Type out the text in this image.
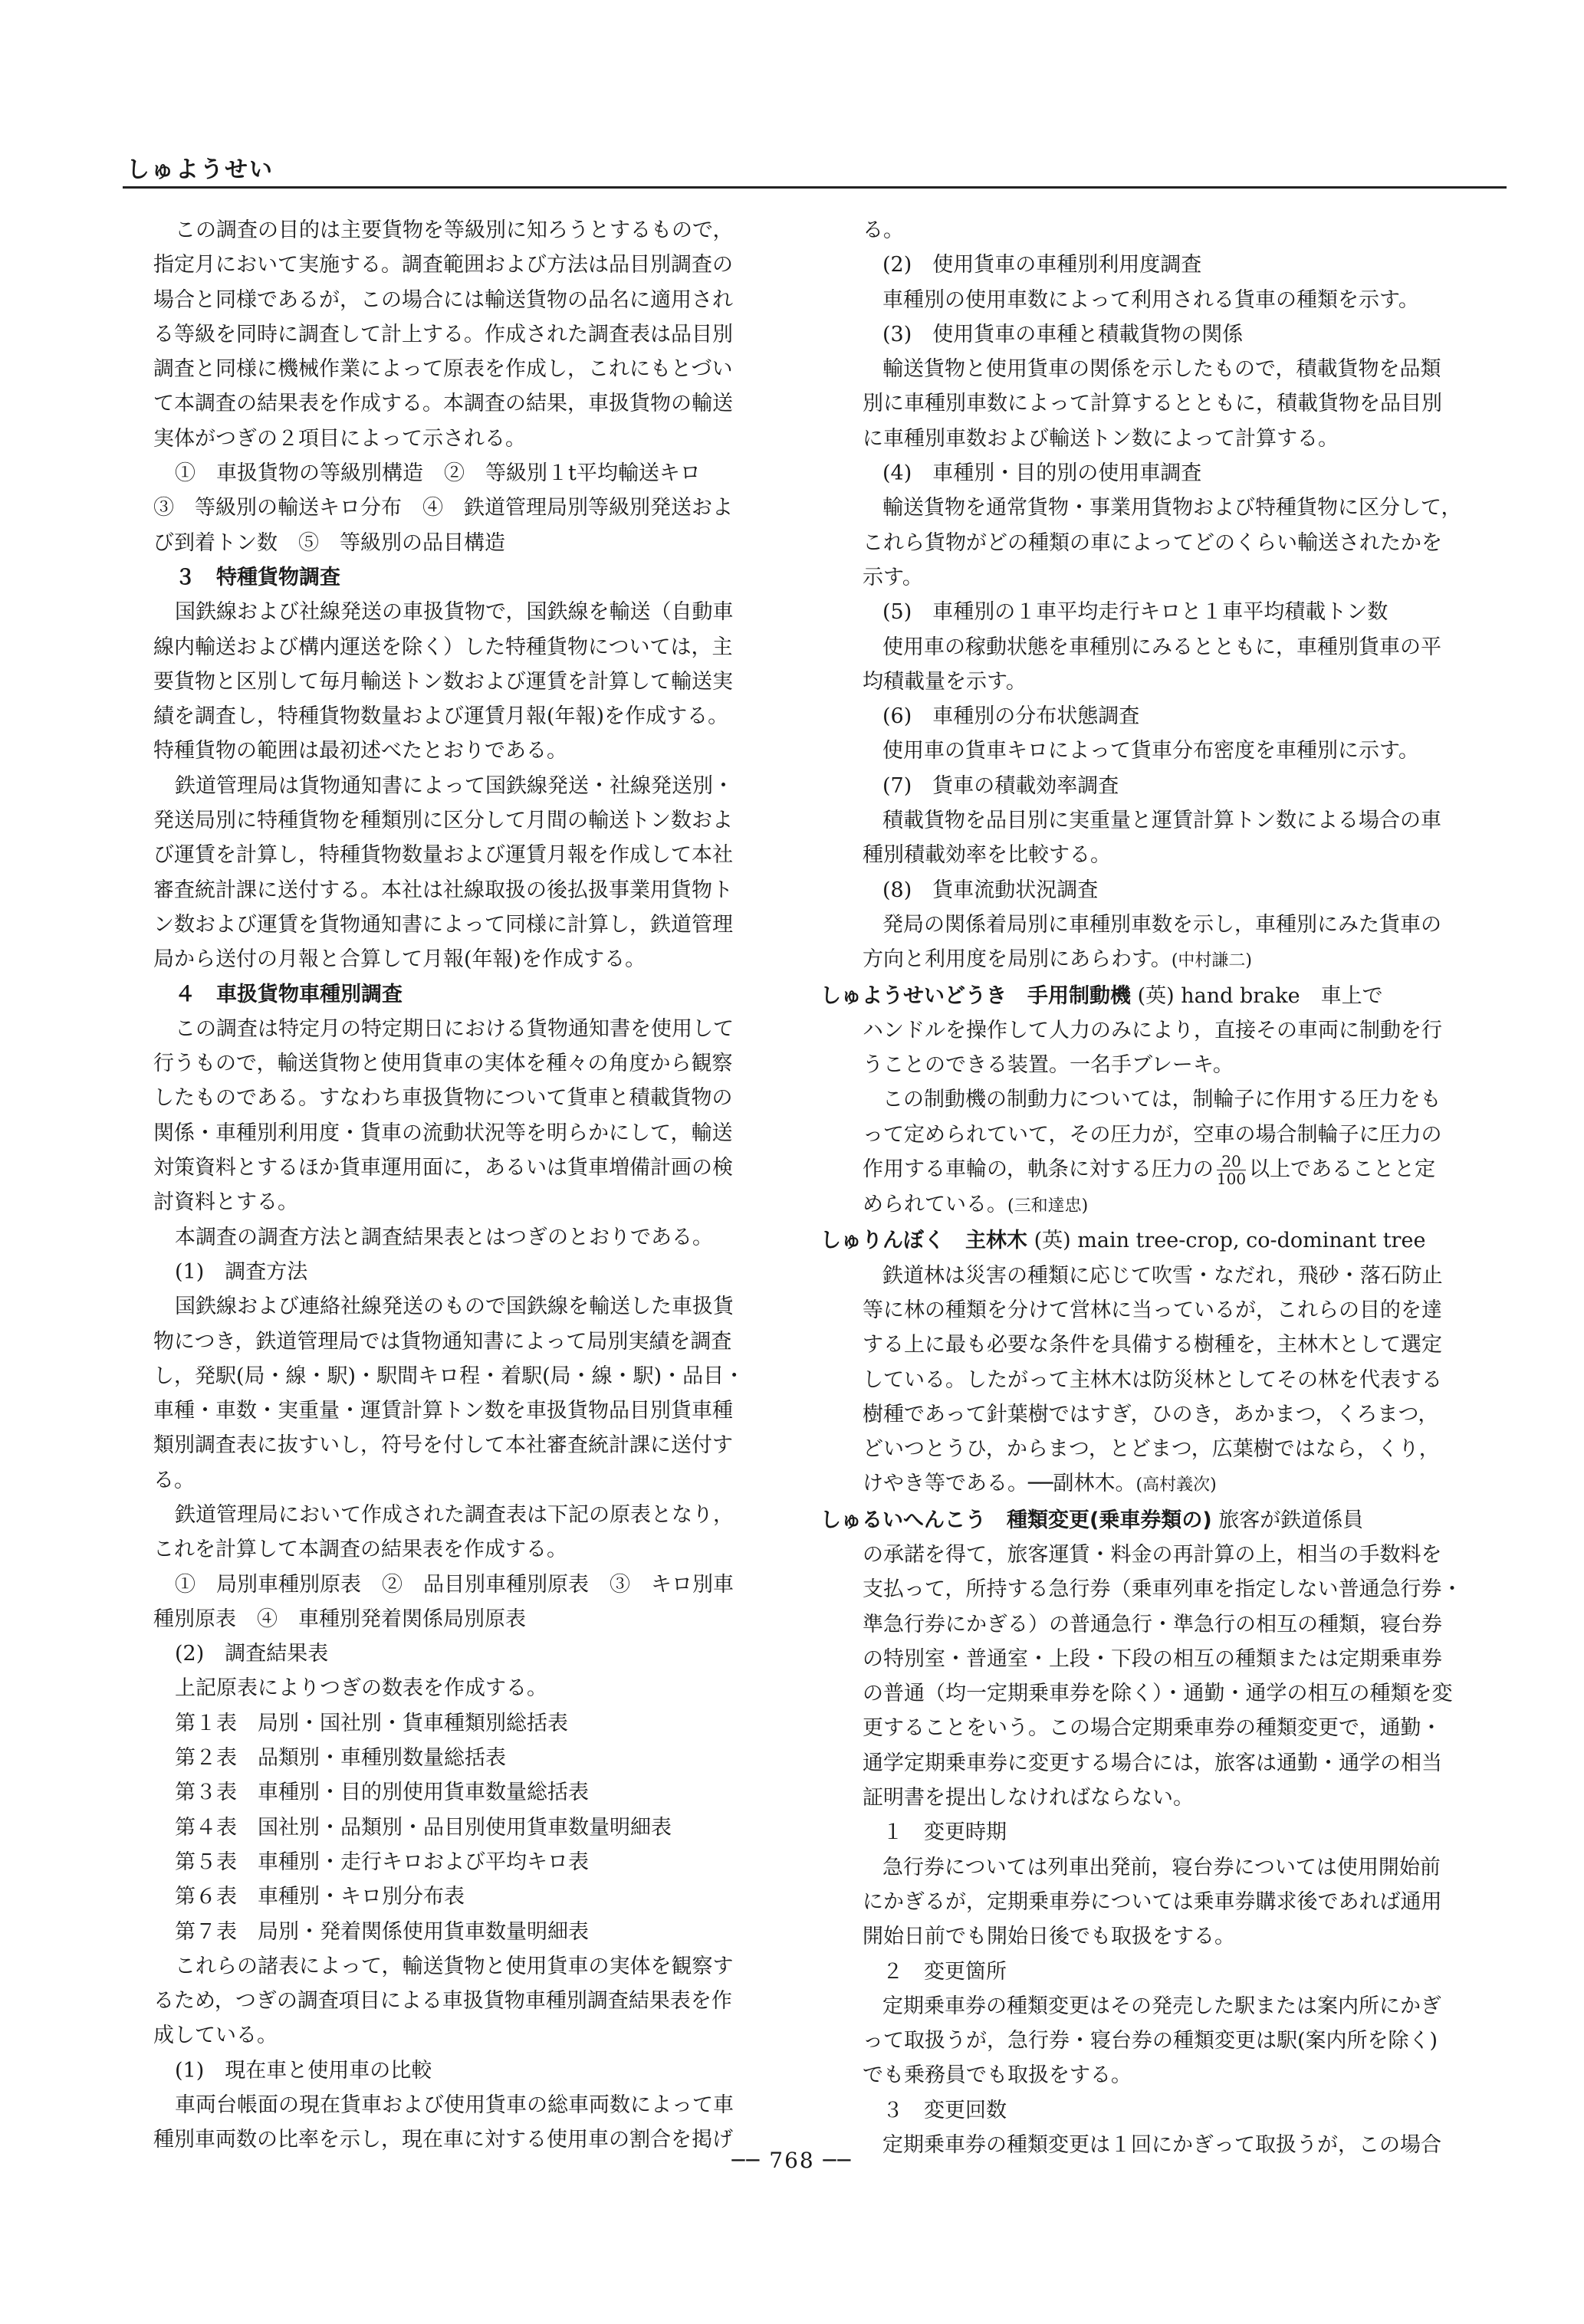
しゅようせい

この調査の目的は主要貨物を等級別に知ろうとするもので，

指定月において実施する。調査範囲および方法は品目別調査の

場合と同様であるが，この場合には輸送貨物の品名に適用され

る等級を同時に調査して計上する。作成された調査表は品目別

調査と同様に機械作業によって原表を作成し，これにもとづい

て本調査の結果表を作成する。本調査の結果，車扱貨物の輸送

実体がつぎの２項目によって示される。

①　車扱貨物の等級別構造　②　等級別１t平均輸送キロ

③　等級別の輸送キロ分布　④　鉄道管理局別等級別発送およ

び到着トン数　⑤　等級別の品目構造

３　特種貨物調査

国鉄線および社線発送の車扱貨物で，国鉄線を輸送（自動車

線内輸送および構内運送を除く）した特種貨物については，主

要貨物と区別して毎月輸送トン数および運賃を計算して輸送実

績を調査し，特種貨物数量および運賃月報(年報)を作成する。

特種貨物の範囲は最初述べたとおりである。

鉄道管理局は貨物通知書によって国鉄線発送・社線発送別・

発送局別に特種貨物を種類別に区分して月間の輸送トン数およ

び運賃を計算し，特種貨物数量および運賃月報を作成して本社

審査統計課に送付する。本社は社線取扱の後払扱事業用貨物ト

ン数および運賃を貨物通知書によって同様に計算し，鉄道管理

局から送付の月報と合算して月報(年報)を作成する。

４　車扱貨物車種別調査

この調査は特定月の特定期日における貨物通知書を使用して

行うもので，輸送貨物と使用貨車の実体を種々の角度から観察

したものである。すなわち車扱貨物について貨車と積載貨物の

関係・車種別利用度・貨車の流動状況等を明らかにして，輸送

対策資料とするほか貨車運用面に，あるいは貨車増備計画の検

討資料とする。

本調査の調査方法と調査結果表とはつぎのとおりである。

(1)　調査方法

国鉄線および連絡社線発送のもので国鉄線を輸送した車扱貨

物につき，鉄道管理局では貨物通知書によって局別実績を調査

し，発駅(局・線・駅)・駅間キロ程・着駅(局・線・駅)・品目・

車種・車数・実重量・運賃計算トン数を車扱貨物品目別貨車種

類別調査表に抜すいし，符号を付して本社審査統計課に送付す

る。

鉄道管理局において作成された調査表は下記の原表となり，

これを計算して本調査の結果表を作成する。

①　局別車種別原表　②　品目別車種別原表　③　キロ別車

種別原表　④　車種別発着関係局別原表

(2)　調査結果表

上記原表によりつぎの数表を作成する。

第１表　局別・国社別・貨車種類別総括表

第２表　品類別・車種別数量総括表

第３表　車種別・目的別使用貨車数量総括表

第４表　国社別・品類別・品目別使用貨車数量明細表

第５表　車種別・走行キロおよび平均キロ表

第６表　車種別・キロ別分布表

第７表　局別・発着関係使用貨車数量明細表

これらの諸表によって，輸送貨物と使用貨車の実体を観察す

るため，つぎの調査項目による車扱貨物車種別調査結果表を作

成している。

(1)　現在車と使用車の比較

車両台帳面の現在貨車および使用貨車の総車両数によって車

種別車両数の比率を示し，現在車に対する使用車の割合を掲げ

る。

(2)　使用貨車の車種別利用度調査

車種別の使用車数によって利用される貨車の種類を示す。

(3)　使用貨車の車種と積載貨物の関係

輸送貨物と使用貨車の関係を示したもので，積載貨物を品類

別に車種別車数によって計算するとともに，積載貨物を品目別

に車種別車数および輸送トン数によって計算する。

(4)　車種別・目的別の使用車調査

輸送貨物を通常貨物・事業用貨物および特種貨物に区分して，

これら貨物がどの種類の車によってどのくらい輸送されたかを

示す。

(5)　車種別の１車平均走行キロと１車平均積載トン数

使用車の稼動状態を車種別にみるとともに，車種別貨車の平

均積載量を示す。

(6)　車種別の分布状態調査

使用車の貨車キロによって貨車分布密度を車種別に示す。

(7)　貨車の積載効率調査

積載貨物を品目別に実重量と運賃計算トン数による場合の車

種別積載効率を比較する。

(8)　貨車流動状況調査

発局の関係着局別に車種別車数を示し，車種別にみた貨車の

方向と利用度を局別にあらわす。(中村謙二)

しゅようせいどうき　手用制動機 (英) hand brake　車上で

ハンドルを操作して人力のみにより，直接その車両に制動を行

うことのできる装置。一名手ブレーキ。

この制動機の制動力については，制輪子に作用する圧力をも

って定められていて，その圧力が，空車の場合制輪子に圧力の

作用する車輪の，軌条に対する圧力の $\frac{20}{100}$ 以上であることと定

められている。(三和達忠)

しゅりんぼく　主林木 (英) main tree-crop, co-dominant tree

鉄道林は災害の種類に応じて吹雪・なだれ，飛砂・落石防止

等に林の種類を分けて営林に当っているが，これらの目的を達

する上に最も必要な条件を具備する樹種を，主林木として選定

している。したがって主林木は防災林としてその林を代表する

樹種であって針葉樹ではすぎ，ひのき，あかまつ，くろまつ，

どいつとうひ，からまつ，とどまつ，広葉樹ではなら，くり，

けやき等である。──副林木。(高村義次)

しゅるいへんこう　種類変更(乗車券類の) 旅客が鉄道係員

の承諾を得て，旅客運賃・料金の再計算の上，相当の手数料を

支払って，所持する急行券（乗車列車を指定しない普通急行券・

準急行券にかぎる）の普通急行・準急行の相互の種類，寝台券

の特別室・普通室・上段・下段の相互の種類または定期乗車券

の普通（均一定期乗車券を除く）・通勤・通学の相互の種類を変

更することをいう。この場合定期乗車券の種類変更で，通勤・

通学定期乗車券に変更する場合には，旅客は通勤・通学の相当

証明書を提出しなければならない。

１　変更時期

急行券については列車出発前，寝台券については使用開始前

にかぎるが，定期乗車券については乗車券購求後であれば通用

開始日前でも開始日後でも取扱をする。

２　変更箇所

定期乗車券の種類変更はその発売した駅または案内所にかぎ

って取扱うが，急行券・寝台券の種類変更は駅(案内所を除く)

でも乗務員でも取扱をする。

３　変更回数

定期乗車券の種類変更は１回にかぎって取扱うが，この場合

── 768 ──
